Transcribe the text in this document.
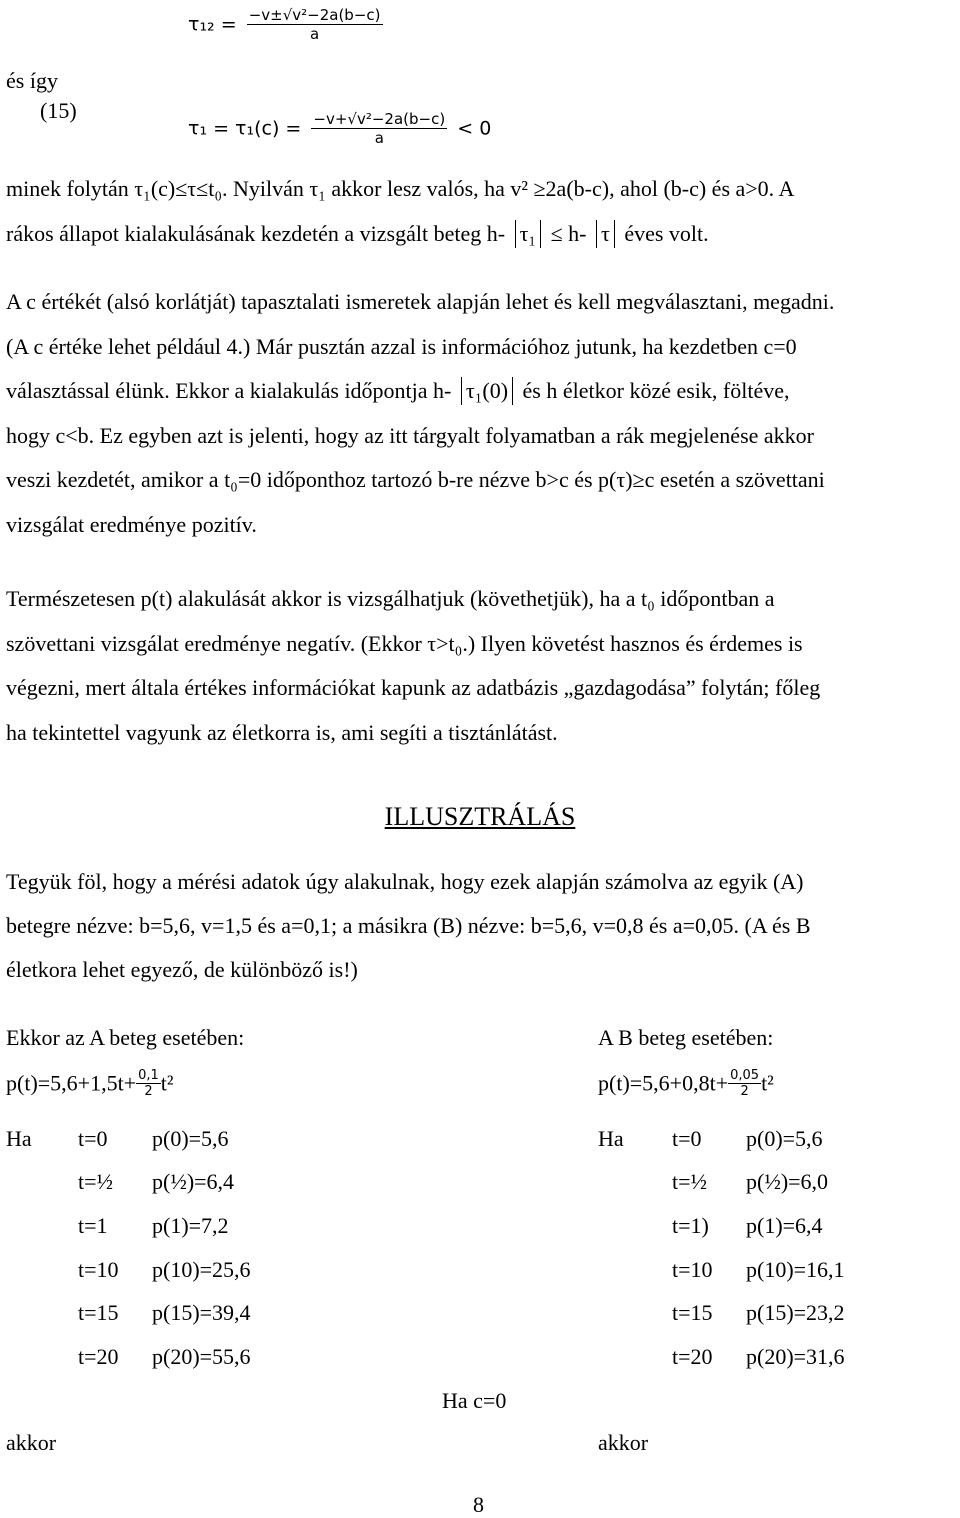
$\tau_{12} = \frac{\text{−v±√v²−2a(b−c)}}{a}$
és így
(15)
$\tau_1 = \tau_1(c) = \frac{\text{−v+√v²−2a(b−c)}}{a} < 0$
minek folytán τ₁(c)≤τ≤t₀. Nyilván τ₁ akkor lesz valós, ha v² ≥2a(b-c), ahol (b-c) és a>0. A
rákos állapot kialakulásának kezdetén a vizsgált beteg h- τ₁ ≤ h- τ éves volt.
A c értékét (alsó korlátját) tapasztalati ismeretek alapján lehet és kell megválasztani, megadni.
(A c értéke lehet például 4.) Már pusztán azzal is információhoz jutunk, ha kezdetben c=0
választással élünk. Ekkor a kialakulás időpontja h- τ₁(0) és h életkor közé esik, föltéve,
hogy c<b. Ez egyben azt is jelenti, hogy az itt tárgyalt folyamatban a rák megjelenése akkor
veszi kezdetét, amikor a t₀=0 időponthoz tartozó b-re nézve b>c és p(τ)≥c esetén a szövettani
vizsgálat eredménye pozitív.
Természetesen p(t) alakulását akkor is vizsgálhatjuk (követhetjük), ha a t₀ időpontban a
szövettani vizsgálat eredménye negatív. (Ekkor τ>t₀.) Ilyen követést hasznos és érdemes is
végezni, mert általa értékes információkat kapunk az adatbázis „gazdagodása” folytán; főleg
ha tekintettel vagyunk az életkorra is, ami segíti a tisztánlátást.
ILLUSZTRÁLÁS
Tegyük föl, hogy a mérési adatok úgy alakulnak, hogy ezek alapján számolva az egyik (A)
betegre nézve: b=5,6, v=1,5 és a=0,1; a másikra (B) nézve: b=5,6, v=0,8 és a=0,05. (A és B
életkora lehet egyező, de különböző is!)
Ekkor az A beteg esetében:
$p(t)=5,6+1,5t+ \frac{0,1}{2} t^2$
Ha t=0 p(0)=5,6
t=½ p(½)=6,4
t=1 p(1)=7,2
t=10 p(10)=25,6
t=15 p(15)=39,4
t=20 p(20)=55,6
akkor
A B beteg esetében:
$p(t)=5,6+0,8t+ \frac{0,05}{2} t^2$
Ha t=0 p(0)=5,6
t=½ p(½)=6,0
t=1) p(1)=6,4
t=10 p(10)=16,1
t=15 p(15)=23,2
t=20 p(20)=31,6
akkor
Ha c=0
8
